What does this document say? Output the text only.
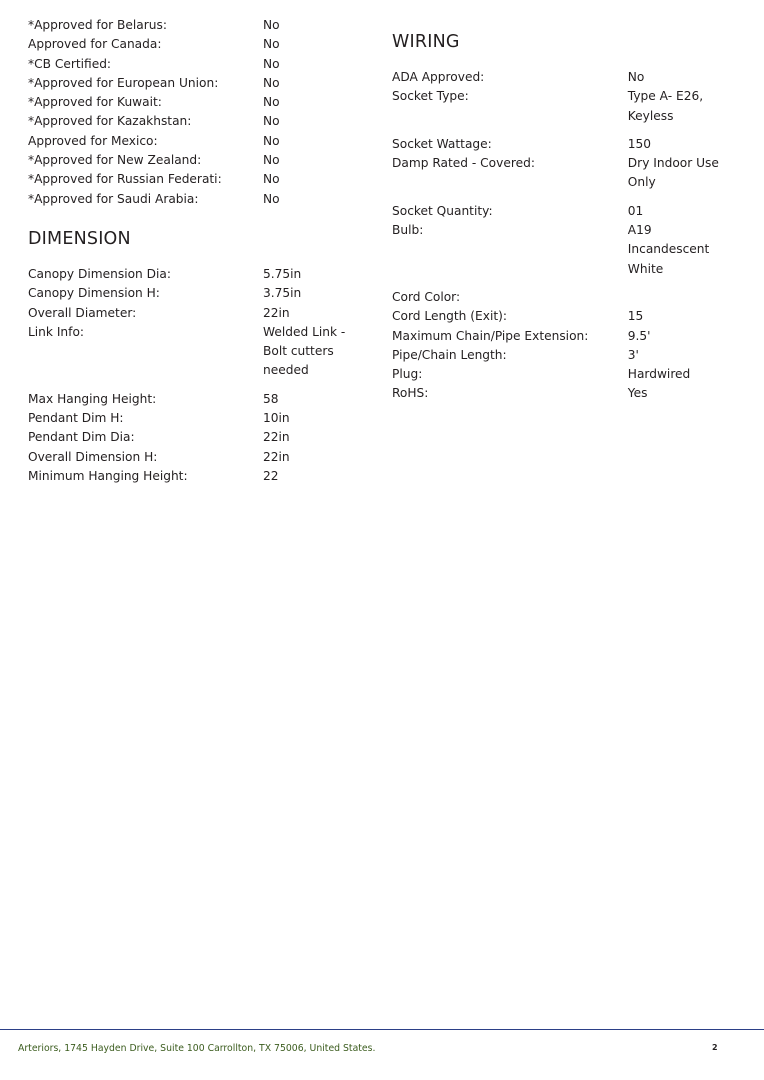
*Approved for Belarus:	No
Approved for Canada:	No
*CB Certified:	No
*Approved for European Union:	No
*Approved for Kuwait:	No
*Approved for Kazakhstan:	No
Approved for Mexico:	No
*Approved for New Zealand:	No
*Approved for Russian Federati:	No
*Approved for Saudi Arabia:	No
DIMENSION
Canopy Dimension Dia:	5.75in
Canopy Dimension H:	3.75in
Overall Diameter:	22in
Link Info:	Welded Link - Bolt cutters needed

Max Hanging Height:	58
Pendant Dim H:	10in
Pendant Dim Dia:	22in
Overall Dimension H:	22in
Minimum Hanging Height:	22
WIRING
ADA Approved:	No
Socket Type:	Type A- E26, Keyless

Socket Wattage:	150
Damp Rated - Covered:	Dry Indoor Use Only

Socket Quantity:	01
Bulb:	A19 Incandescent White

Cord Color:	
Cord Length (Exit):	15
Maximum Chain/Pipe Extension:	9.5'
Pipe/Chain Length:	3'
Plug:	Hardwired
RoHS:	Yes
Arteriors, 1745 Hayden Drive, Suite 100 Carrollton, TX 75006, United States.	2
